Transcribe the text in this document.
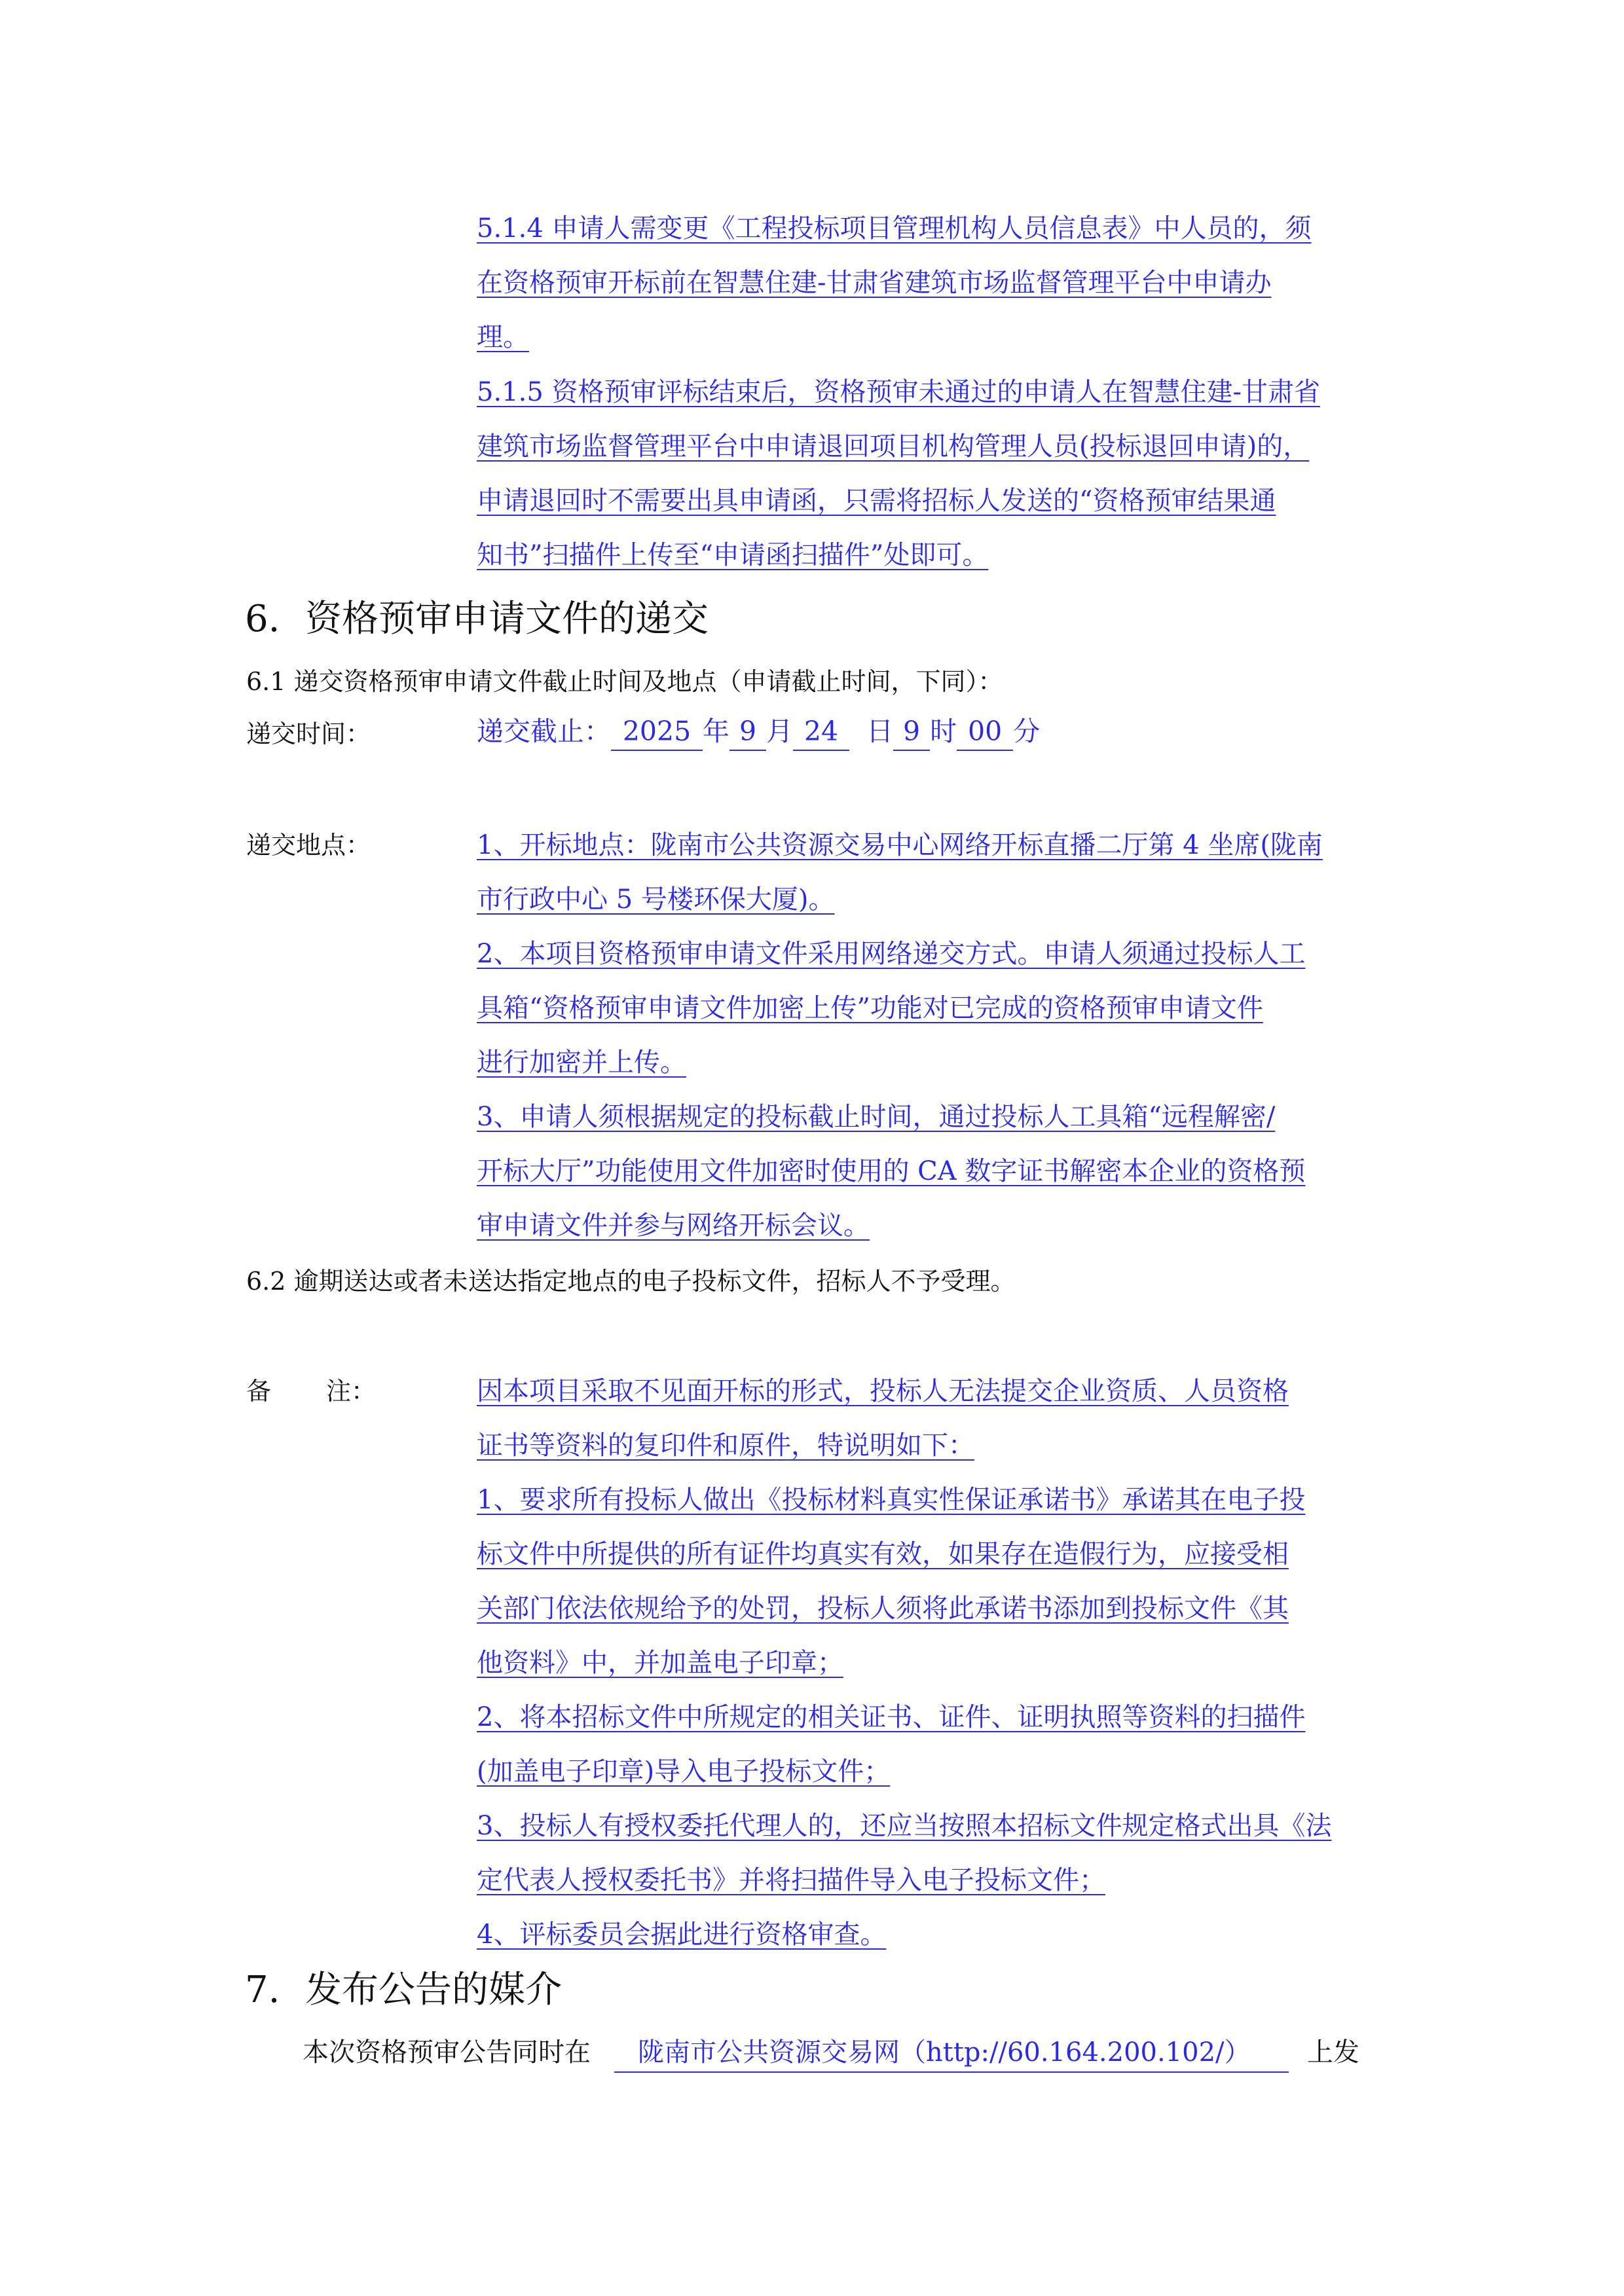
5.1.4 申请人需变更《工程投标项目管理机构人员信息表》中人员的，须
在资格预审开标前在智慧住建-甘肃省建筑市场监督管理平台中申请办
理。
5.1.5 资格预审评标结束后，资格预审未通过的申请人在智慧住建-甘肃省
建筑市场监督管理平台中申请退回项目机构管理人员(投标退回申请)的，
申请退回时不需要出具申请函，只需将招标人发送的“资格预审结果通
知书”扫描件上传至“申请函扫描件”处即可。
6. 资格预审申请文件的递交
6.1 递交资格预审申请文件截止时间及地点（申请截止时间，下同）：
递交时间：	递交截止： 2025 年 9 月 24 日 9 时 00 分
递交地点：	1、开标地点：陇南市公共资源交易中心网络开标直播二厅第 4 坐席(陇南
市行政中心 5 号楼环保大厦)。
2、本项目资格预审申请文件采用网络递交方式。申请人须通过投标人工
具箱“资格预审申请文件加密上传”功能对已完成的资格预审申请文件
进行加密并上传。
3、申请人须根据规定的投标截止时间，通过投标人工具箱“远程解密/
开标大厅”功能使用文件加密时使用的 CA 数字证书解密本企业的资格预
审申请文件并参与网络开标会议。
6.2 逾期送达或者未送达指定地点的电子投标文件，招标人不予受理。
备 注：	因本项目采取不见面开标的形式，投标人无法提交企业资质、人员资格
证书等资料的复印件和原件，特说明如下：
1、要求所有投标人做出《投标材料真实性保证承诺书》承诺其在电子投
标文件中所提供的所有证件均真实有效，如果存在造假行为，应接受相
关部门依法依规给予的处罚，投标人须将此承诺书添加到投标文件《其
他资料》中，并加盖电子印章；
2、将本招标文件中所规定的相关证书、证件、证明执照等资料的扫描件
(加盖电子印章)导入电子投标文件；
3、投标人有授权委托代理人的，还应当按照本招标文件规定格式出具《法
定代表人授权委托书》并将扫描件导入电子投标文件；
4、评标委员会据此进行资格审查。
7. 发布公告的媒介
本次资格预审公告同时在 陇南市公共资源交易网（http://60.164.200.102/） 上发
